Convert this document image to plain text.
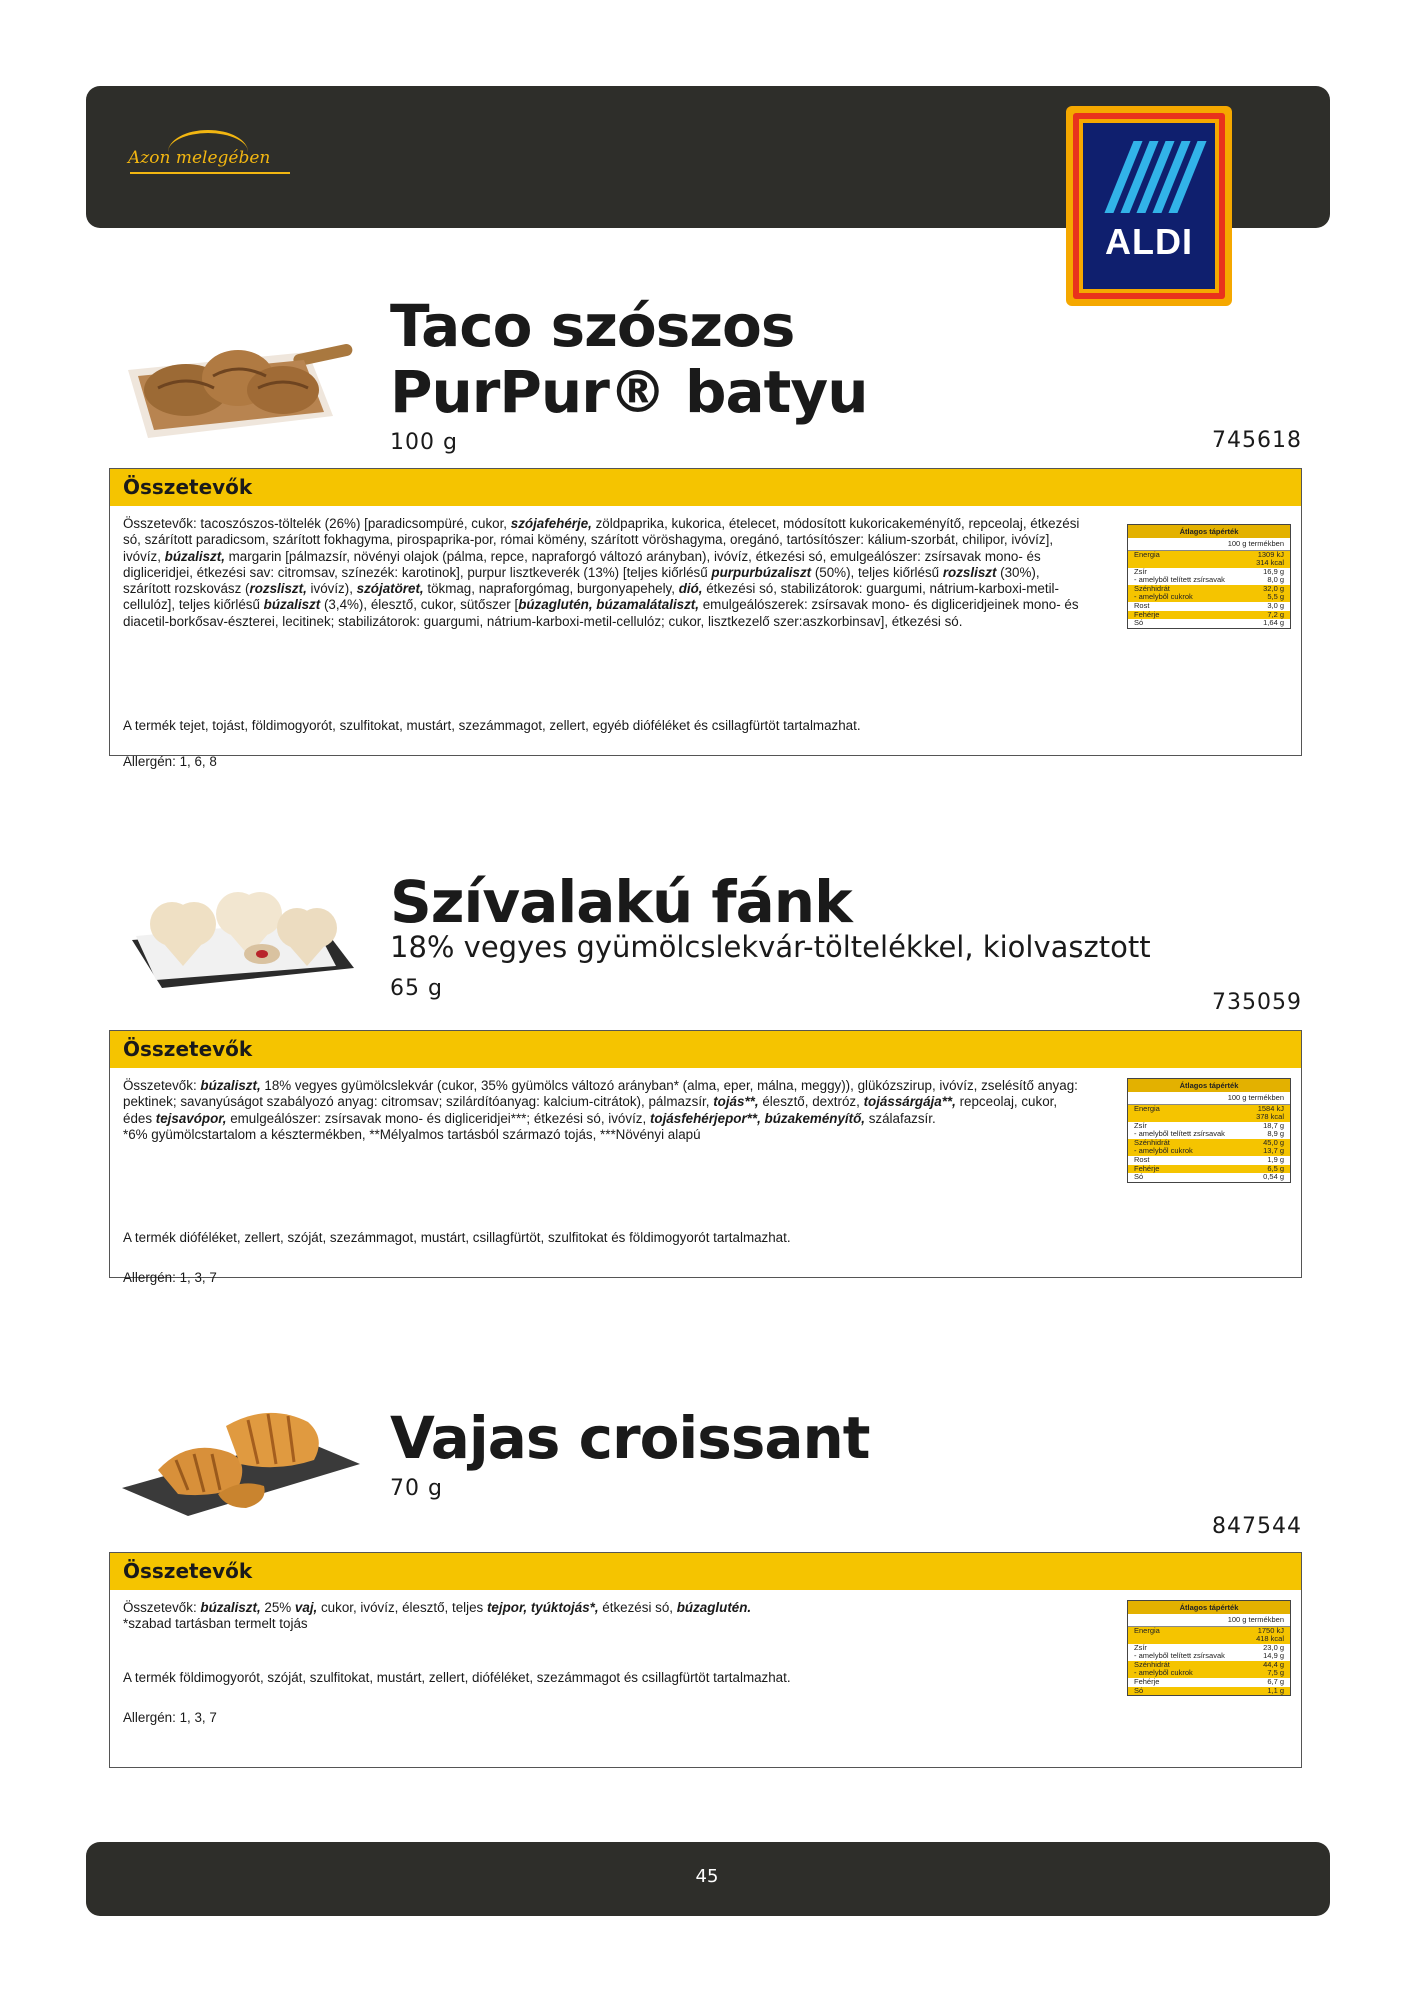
Azon melegében
ALDI
Taco szószos
PurPur® batyu
100 g	745618
Összetevők
Összetevők: tacoszószos-töltelék (26%) [paradicsompüré, cukor, szójafehérje, zöldpaprika, kukorica, ételecet, módosított kukoricakeményítő, repceolaj, étkezési só, szárított paradicsom, szárított fokhagyma, pirospaprika-por, római kömény, szárított vöröshagyma, oregánó, tartósítószer: kálium-szorbát, chilipor, ivóvíz], ivóvíz, búzaliszt, margarin [pálmazsír, növényi olajok (pálma, repce, napraforgó változó arányban), ivóvíz, étkezési só, emulgeálószer: zsírsavak mono- és digliceridjei, étkezési sav: citromsav, színezék: karotinok], purpur lisztkeverék (13%) [teljes kiőrlésű purpurbúzaliszt (50%), teljes kiőrlésű rozsliszt (30%), szárított rozskovász (rozsliszt, ivóvíz), szójatöret, tökmag, napraforgómag, burgonyapehely, dió, étkezési só, stabilizátorok: guargumi, nátrium-karboxi-metil-cellulóz], teljes kiőrlésű búzaliszt (3,4%), élesztő, cukor, sütőszer [búzaglutén, búzamalátaliszt, emulgeálószerek: zsírsavak mono- és digliceridjeinek mono- és diacetil-borkősav-észterei, lecitinek; stabilizátorok: guargumi, nátrium-karboxi-metil-cellulóz; cukor, lisztkezelő szer:aszkorbinsav], étkezési só.
A termék tejet, tojást, földimogyorót, szulfitokat, mustárt, szezámmagot, zellert, egyéb dióféléket és csillagfürtöt tartalmazhat.
Allergén: 1, 6, 8
Átlagos tápérték
100 g termékben
Energia	1309 kJ
314 kcal
Zsír	16,9 g
- amelyből telített zsírsavak	8,0 g
Szénhidrát	32,0 g
- amelyből cukrok	5,5 g
Rost	3,0 g
Fehérje	7,2 g
Só	1,64 g
Szívalakú fánk
18% vegyes gyümölcslekvár-töltelékkel, kiolvasztott
65 g
735059
Összetevők
Összetevők: búzaliszt, 18% vegyes gyümölcslekvár (cukor, 35% gyümölcs változó arányban* (alma, eper, málna, meggy)), glükózszirup, ivóvíz, zselésítő anyag: pektinek; savanyúságot szabályozó anyag: citromsav; szilárdítóanyag: kalcium-citrátok), pálmazsír, tojás**, élesztő, dextróz, tojássárgája**, repceolaj, cukor, édes tejsavópor, emulgeálószer: zsírsavak mono- és digliceridjei***; étkezési só, ivóvíz, tojásfehérjepor**, búzakeményítő, szálafazsír.
*6% gyümölcstartalom a késztermékben, **Mélyalmos tartásból származó tojás, ***Növényi alapú
A termék dióféléket, zellert, szóját, szezámmagot, mustárt, csillagfürtöt, szulfitokat és földimogyorót tartalmazhat.
Allergén: 1, 3, 7
Átlagos tápérték
100 g termékben
Energia	1584 kJ
378 kcal
Zsír	18,7 g
- amelyből telített zsírsavak	8,9 g
Szénhidrát	45,0 g
- amelyből cukrok	13,7 g
Rost	1,9 g
Fehérje	6,5 g
Só	0,54 g
Vajas croissant
70 g
847544
Összetevők
Összetevők: búzaliszt, 25% vaj, cukor, ivóvíz, élesztő, teljes tejpor, tyúktojás*, étkezési só, búzaglutén.
*szabad tartásban termelt tojás
A termék földimogyorót, szóját, szulfitokat, mustárt, zellert, dióféléket, szezámmagot és csillagfürtöt tartalmazhat.
Allergén: 1, 3, 7
Átlagos tápérték
100 g termékben
Energia	1750 kJ
418 kcal
Zsír	23,0 g
- amelyből telített zsírsavak	14,9 g
Szénhidrát	44,4 g
- amelyből cukrok	7,5 g
Fehérje	6,7 g
Só	1,1 g
45
